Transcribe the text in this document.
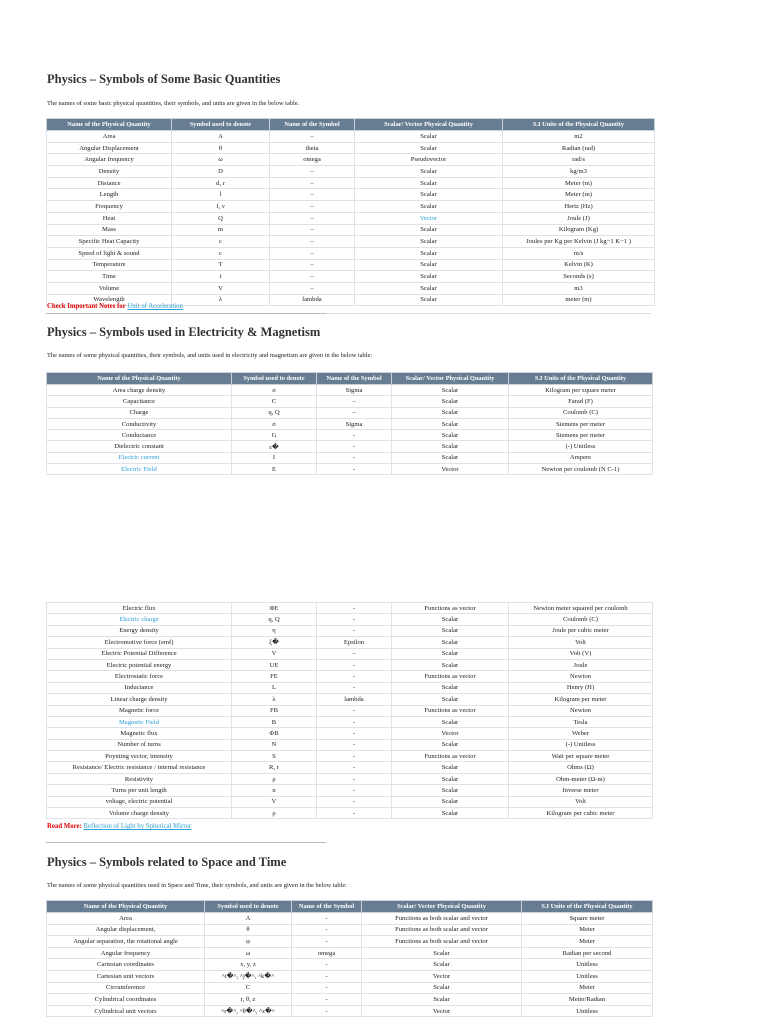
Physics – Symbols of Some Basic Quantities

The names of some basic physical quantities, their symbols, and units are given in the below table.

Name of the Physical Quantity	Symbol used to denote	Name of the Symbol	Scalar/ Vector Physical Quantity	S.I Units of the Physical Quantity
Area	A	–	Scalar	m2
Angular Displacement	θ	theta	Scalar	Radian (rad)
Angular frequency	ω	omega	Pseudovector	rad/s
Density	D	–	Scalar	kg/m3
Distance	d, r	–	Scalar	Meter (m)
Length	l	–	Scalar	Meter (m)
Frequency	f, ν	–	Scalar	Hertz (Hz)
Heat	Q	–	Vector	Joule (J)
Mass	m	–	Scalar	Kilogram (Kg)
Specific Heat Capacity	c	–	Scalar	Joules per Kg per Kelvin (J kg−1 K−1 )
Speed of light & sound	c	–	Scalar	m/s
Temperature	T	–	Scalar	Kelvin (K)
Time	t	–	Scalar	Seconds (s)
Volume	V	–	Scalar	m3
Wavelength	λ	lambda	Scalar	meter (m)
Check Important Notes for Unit of Acceleration
Physics – Symbols used in Electricity & Magnetism

The names of some physical quantities, their symbols, and units used in electricity and magnetism are given in the below table:

Name of the Physical Quantity	Symbol used to denote	Name of the Symbol	Scalar/ Vector Physical Quantity	S.I Units of the Physical Quantity
Area charge density	σ	Sigma	Scalar	Kilogram per square meter
Capacitance	C	–	Scalar	Farad (F)
Charge	q, Q	–	Scalar	Coulomb (C)
Conductivity	σ	Sigma	Scalar	Siemens per meter
Conductance	G	-	Scalar	Siemens per meter
Dielectric constant	ε�	-	Scalar	(-) Unitless
Electric current	I	-	Scalar	Ampere
Electric Field	E	-	Vector	Newton per coulomb (N C-1)
Electric flux	ΦE	-	Functions as vector	Newton meter squared per coulomb
Electric charge	q, Q	-	Scalar	Coulomb (C)
Energy density	η	-	Scalar	Joule per cubic meter
Electromotive force (emf)	ξ�	Epsilon	Scalar	Volt
Electric Potential Difference	V	–	Scalar	Volt (V)
Electric potential energy	UE	-	Scalar	Joule
Electrostatic force	FE	-	Functions as vector	Newton
Inductance	L	-	Scalar	Henry (H)
Linear charge density	λ	lambda	Scalar	Kilogram per meter
Magnetic force	FB	-	Functions as vector	Newton
Magnetic Field	B	-	Scalar	Tesla
Magnetic flux	ΦB	-	Vector	Weber
Number of turns	N	-	Scalar	(-) Unitless
Poynting vector, intensity	S	-	Functions as vector	Watt per square meter
Resistance/ Electric resistance / internal resistance	R, r	-	Scalar	Ohms (Ω)
Resistivity	ρ	-	Scalar	Ohm-meter (Ω-m)
Turns per unit length	n	-	Scalar	Inverse meter
voltage, electric potential	V	-	Scalar	Volt
Volume charge density	ρ	-	Scalar	Kilogram per cubic meter
Read More: Reflection of Light by Spherical Mirror
Physics – Symbols related to Space and Time

The names of some physical quantities used in Space and Time, their symbols, and units are given in the below table:

Name of the Physical Quantity	Symbol used to denote	Name of the Symbol	Scalar/ Vector Physical Quantity	S.I Units of the Physical Quantity
Area	A	-	Functions as both scalar and vector	Square meter
Angular displacement,	θ	-	Functions as both scalar and vector	Meter
Angular separation, the rotational angle	φ	-	Functions as both scalar and vector	Meter
Angular frequency	ω	omega	Scalar	Radian per second
Cartesian coordinates	x, y, z	-	Scalar	Unitless
Cartesian unit vectors	^i�^, ^j�^, ^k�^	-	Vector	Unitless
Circumference	C	-	Scalar	Meter
Cylindrical coordinates	r, θ, z	-	Scalar	Meter/Radian
Cylindrical unit vectors	^r�^, ^θ�^, ^z�^	-	Vector	Unitless
